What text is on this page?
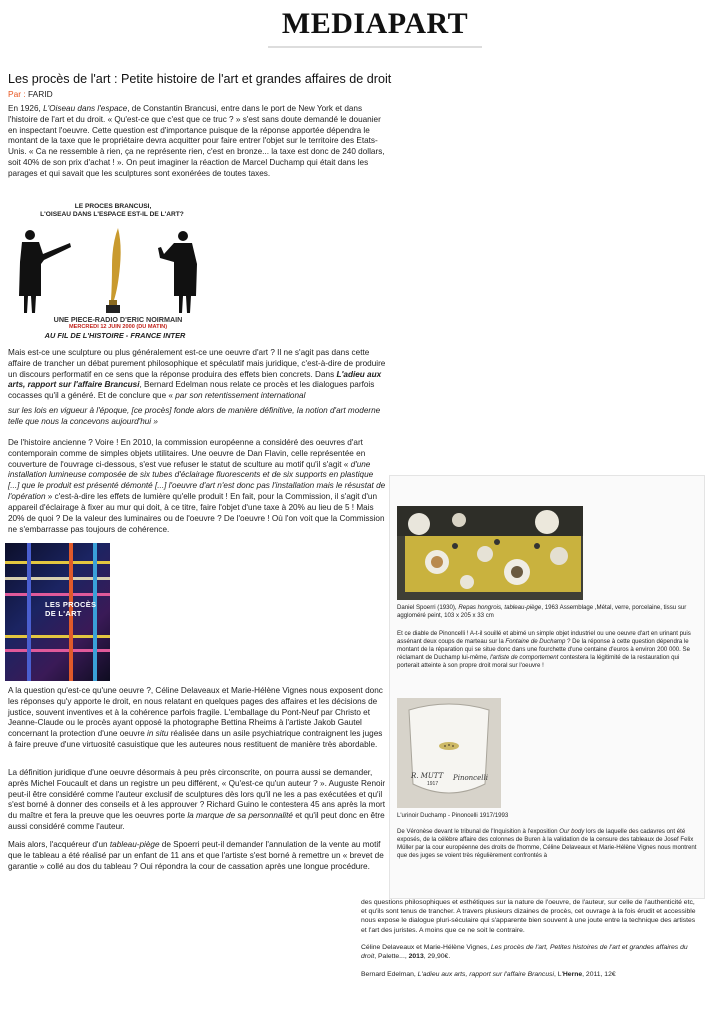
MEDIAPART
Les procès de l'art : Petite histoire de l'art et grandes affaires de droit
Par : FARID

En 1926, L'Oiseau dans l'espace, de Constantin Brancusi, entre dans le port de New York et dans l'histoire de l'art et du droit. « Qu'est-ce que c'est que ce truc ? » s'est sans doute demandé le douanier en inspectant l'oeuvre. Cette question est d'importance puisque de la réponse apportée dépendra le montant de la taxe que le propriétaire devra acquitter pour faire entrer l'objet sur le territoire des Etats-Unis. « Ca ne ressemble à rien, ça ne représente rien, c'est en bronze... la taxe est donc de 240 dollars, soit 40% de son prix d'achat ! ». On peut imaginer la réaction de Marcel Duchamp qui était dans les parages et qui savait que les sculptures sont exonérées de toutes taxes.

LE PROCES BRANCUSI,
L'OISEAU DANS L'ESPACE EST-IL DE L'ART?
UNE PIECE-RADIO D'ERIC NOIRMAIN
MERCREDI 12 JUIN 2000 (DU MATIN)
AU FIL DE L'HISTOIRE - FRANCE INTER

Mais est-ce une sculpture ou plus généralement est-ce une oeuvre d'art ? Il ne s'agit pas dans cette affaire de trancher un débat purement philosophique et spéculatif mais juridique, c'est-à-dire de produire un discours performatif en ce sens que la réponse produira des effets bien concrets. Dans L'adieu aux arts, rapport sur l'affaire Brancusi, Bernard Edelman nous relate ce procès et les dialogues parfois cocasses qu'il a généré. Et de conclure que « par son retentissement international

sur les lois en vigueur à l'époque, [ce procès] fonde alors de manière définitive, la notion d'art moderne telle que nous la concevons aujourd'hui »

De l'histoire ancienne ? Voire ! En 2010, la commission européenne a considéré des oeuvres d'art contemporain comme de simples objets utilitaires. Une oeuvre de Dan Flavin, celle représentée en couverture de l'ouvrage ci-dessous, s'est vue refuser le statut de sculture au motif qu'il s'agit « d'une installation lumineuse composée de six tubes d'éclairage fluorescents et de six supports en plastique [...] que le produit est présenté démonté [...] l'oeuvre d'art n'est donc pas l'installation mais le résustat de l'opération » c'est-à-dire les effets de lumière qu'elle produit ! En fait, pour la Commission, il s'agit d'un appareil d'éclairage à fixer au mur qui doit, à ce titre, faire l'objet d'une taxe à 20% au lieu de 5 ! Mais 20% de quoi ? De la valeur des luminaires ou de l'oeuvre ? De l'oeuvre ! Où l'on voit que la Commission ne s'embarrasse pas toujours de cohérence.

LES PROCÈS
DE L'ART

A la question qu'est-ce qu'une oeuvre ?, Céline Delaveaux et Marie-Hélène Vignes nous exposent donc les réponses qu'y apporte le droit, en nous relatant en quelques pages des affaires et les décisions de justice, souvent inventives et à la cohérence parfois fragile. L'emballage du Pont-Neuf par Christo et Jeanne-Claude ou le procès ayant opposé la photographe Bettina Rheims à l'artiste Jakob Gautel concernant la protection d'une oeuvre in situ réalisée dans un asile psychiatrique contraignent les juges à faire preuve d'une virtuosité casuistique que les auteures nous restituent de manière très abordable.

La définition juridique d'une oeuvre désormais à peu près circonscrite, on pourra aussi se demander, après Michel Foucault et dans un registre un peu différent, « Qu'est-ce qu'un auteur ? ». Auguste Renoir peut-il être considéré comme l'auteur exclusif de sculptures dès lors qu'il ne les a pas exécutées et qu'il s'est borné à donner des conseils et à les approuver ? Richard Guino le contestera 45 ans après la mort du maître et fera la preuve que les oeuvres porte la marque de sa personnalité et qu'il peut donc en être aussi considéré comme l'auteur.

Mais alors, l'acquéreur d'un tableau-piège de Spoerri peut-il demander l'annulation de la vente au motif que le tableau a été réalisé par un enfant de 11 ans et que l'artiste s'est borné à remettre un « brevet de garantie » collé au dos du tableau ? Oui répondra la cour de cassation après une longue procédure.

Daniel Spoerri (1930), Repas hongrois, tableau-piège, 1963 Assemblage ,Métal, verre, porcelaine, tissu sur aggloméré peint, 103 x 205 x 33 cm

Et ce diable de Pinoncelli ! A-t-il souillé et abimé un simple objet industriel ou une oeuvre d'art en urinant puis assénant deux coups de marteau sur la Fontaine de Duchamp ? De la réponse à cette question dépendra le montant de la réparation qui se situe donc dans une fourchette d'une centaine d'euros à environ 200 000. Se réclamant de Duchamp lui-même, l'artiste de comportement contestera la légitimité de la restauration qui porterait atteinte à son propre droit moral sur l'oeuvre !

R. MUTT
1917
Pinoncelli

L'urinoir Duchamp - Pinoncelli 1917/1993

De Véronèse devant le tribunal de l'Inquisition à l'exposition Our body lors de laquelle des cadavres ont été exposés, de la célèbre affaire des colonnes de Buren à la validation de la censure des tableaux de Josef Felix Müller par la cour européenne des droits de l'homme, Céline Delaveaux et Marie-Hélène Vignes nous montrent que des juges se voient très régulièrement confrontés à

des questions philosophiques et esthétiques sur la nature de l'oeuvre, de l'auteur, sur celle de l'authenticité etc, et qu'ils sont tenus de trancher. A travers plusieurs dizaines de procès, cet ouvrage à la fois érudit et accessible nous expose le dialogue pluri-séculaire qui s'apparente bien souvent à une joute entre la technique des artistes et l'art des juristes. A moins que ce ne soit le contraire.

Céline Delaveaux et Marie-Hélène Vignes, Les procès de l'art, Petites histoires de l'art et grandes affaires du droit, Palette..., 2013, 29,90€.

Bernard Edelman, L'adieu aux arts, rapport sur l'affaire Brancusi, L'Herne, 2011, 12€
